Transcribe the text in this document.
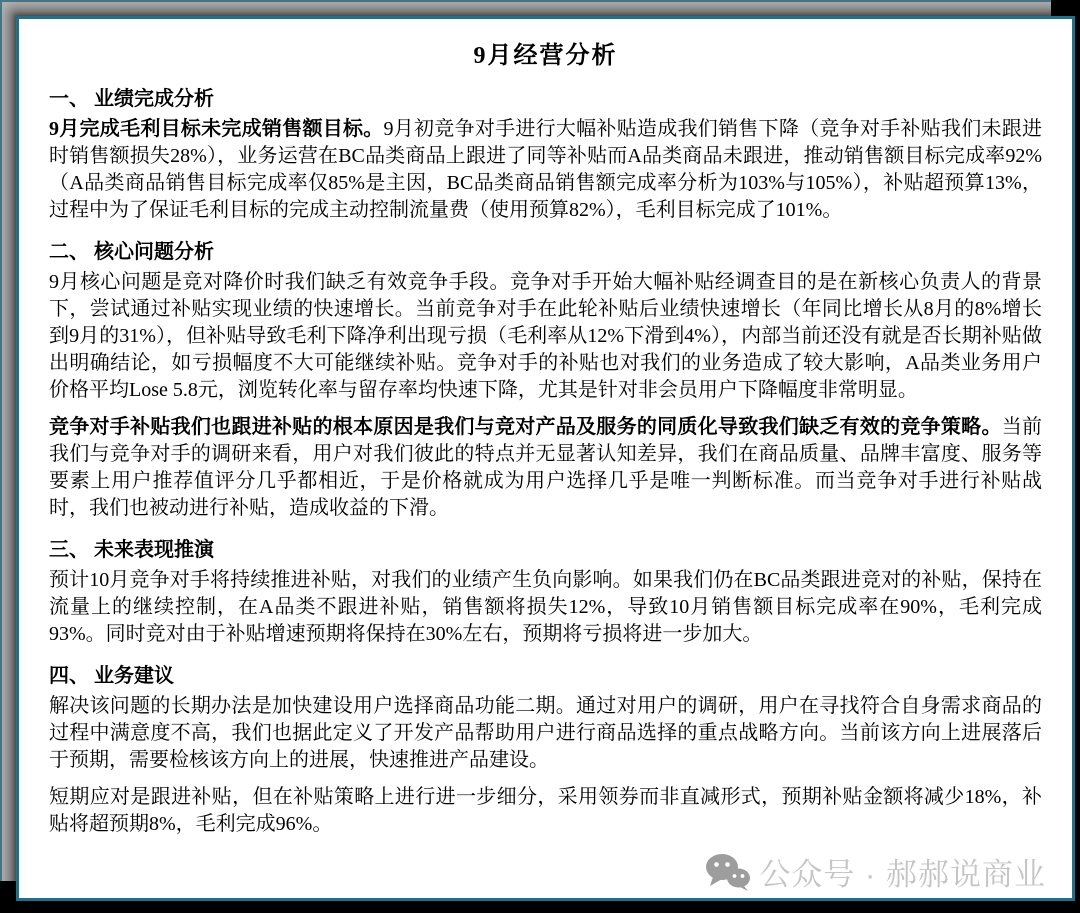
9月经营分析
一、 业绩完成分析

9月完成毛利目标未完成销售额目标。9月初竞争对手进行大幅补贴造成我们销售下降（竞争对手补贴我们未跟进时销售额损失28%），业务运营在BC品类商品上跟进了同等补贴而A品类商品未跟进，推动销售额目标完成率92%（A品类商品销售目标完成率仅85%是主因，BC品类商品销售额完成率分析为103%与105%），补贴超预算13%，过程中为了保证毛利目标的完成主动控制流量费（使用预算82%），毛利目标完成了101%。

二、 核心问题分析

9月核心问题是竞对降价时我们缺乏有效竞争手段。竞争对手开始大幅补贴经调查目的是在新核心负责人的背景下，尝试通过补贴实现业绩的快速增长。当前竞争对手在此轮补贴后业绩快速增长（年同比增长从8月的8%增长到9月的31%），但补贴导致毛利下降净利出现亏损（毛利率从12%下滑到4%），内部当前还没有就是否长期补贴做出明确结论，如亏损幅度不大可能继续补贴。竞争对手的补贴也对我们的业务造成了较大影响，A品类业务用户价格平均Lose 5.8元，浏览转化率与留存率均快速下降，尤其是针对非会员用户下降幅度非常明显。

竞争对手补贴我们也跟进补贴的根本原因是我们与竞对产品及服务的同质化导致我们缺乏有效的竞争策略。当前我们与竞争对手的调研来看，用户对我们彼此的特点并无显著认知差异，我们在商品质量、品牌丰富度、服务等要素上用户推荐值评分几乎都相近，于是价格就成为用户选择几乎是唯一判断标准。而当竞争对手进行补贴战时，我们也被动进行补贴，造成收益的下滑。

三、 未来表现推演

预计10月竞争对手将持续推进补贴，对我们的业绩产生负向影响。如果我们仍在BC品类跟进竞对的补贴，保持在流量上的继续控制，在A品类不跟进补贴，销售额将损失12%，导致10月销售额目标完成率在90%，毛利完成93%。同时竞对由于补贴增速预期将保持在30%左右，预期将亏损将进一步加大。

四、 业务建议

解决该问题的长期办法是加快建设用户选择商品功能二期。通过对用户的调研，用户在寻找符合自身需求商品的过程中满意度不高，我们也据此定义了开发产品帮助用户进行商品选择的重点战略方向。当前该方向上进展落后于预期，需要检核该方向上的进展，快速推进产品建设。

短期应对是跟进补贴，但在补贴策略上进行进一步细分，采用领券而非直减形式，预期补贴金额将减少18%，补贴将超预期8%，毛利完成96%。

公众号 · 郝郝说商业
